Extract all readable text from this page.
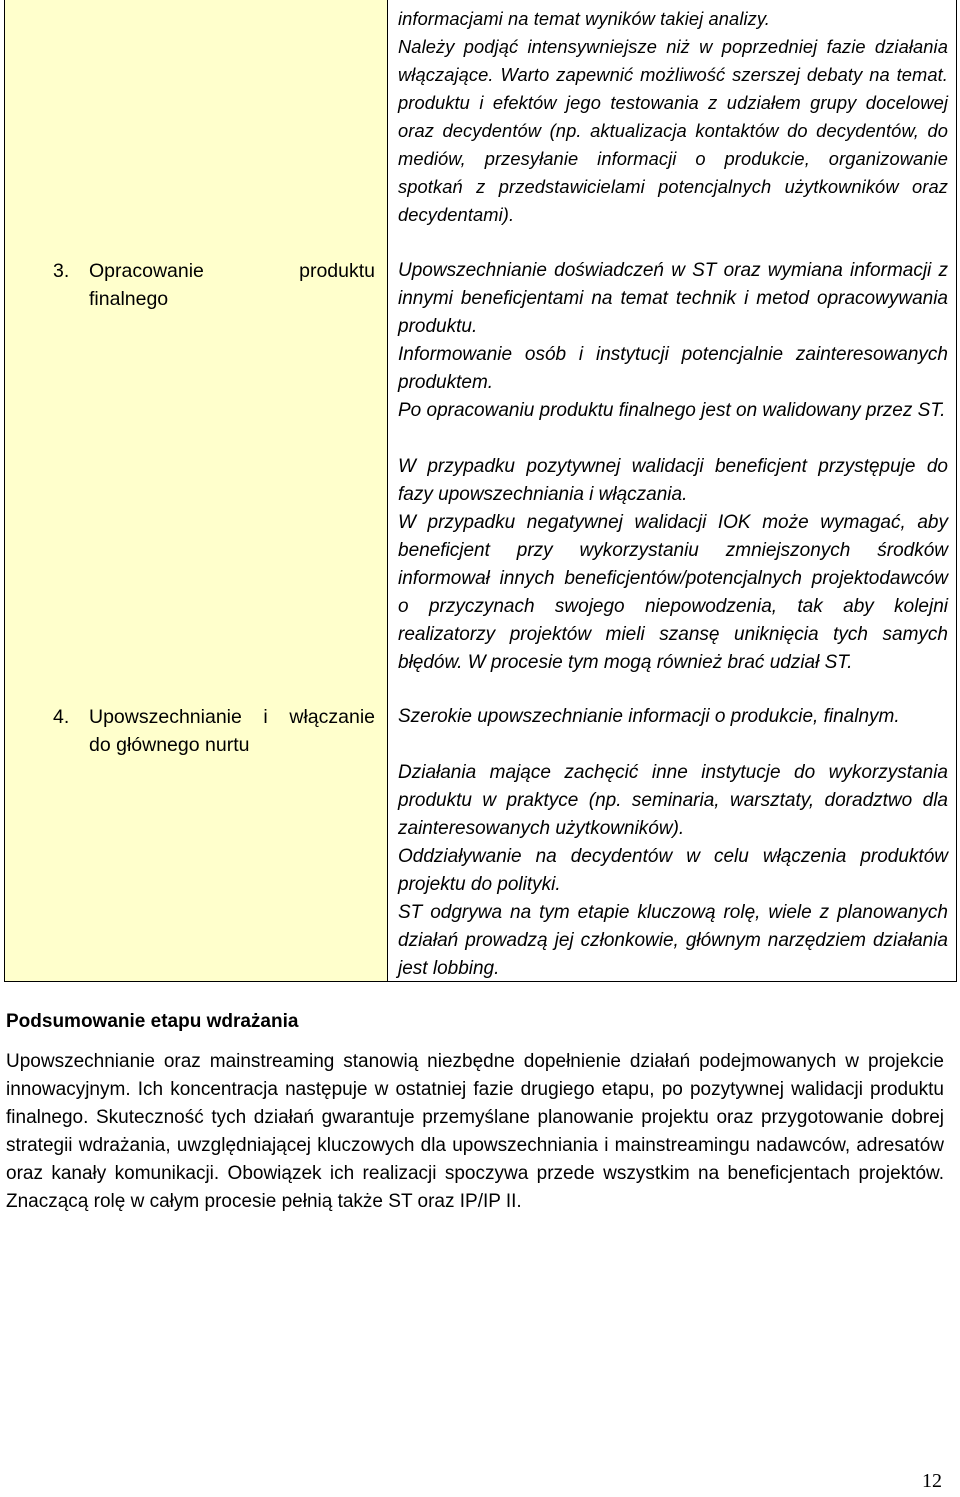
3. Opracowanie produktu
finalnego
4. Upowszechnianie i włączanie
do głównego nurtu
informacjami na temat wyników takiej analizy.
Należy podjąć intensywniejsze niż w poprzedniej fazie działania włączające. Warto zapewnić możliwość szerszej debaty na temat. produktu i efektów jego testowania z udziałem grupy docelowej oraz decydentów (np. aktualizacja kontaktów do decydentów, do mediów, przesyłanie informacji o produkcie, organizowanie spotkań z przedstawicielami potencjalnych użytkowników oraz decydentami).
Upowszechnianie doświadczeń w ST oraz wymiana informacji z innymi beneficjentami na temat technik i metod opracowywania produktu.
Informowanie osób i instytucji potencjalnie zainteresowanych produktem.
Po opracowaniu produktu finalnego jest on walidowany przez ST.
W przypadku pozytywnej walidacji beneficjent przystępuje do fazy upowszechniania i włączania.
W przypadku negatywnej walidacji IOK może wymagać, aby beneficjent przy wykorzystaniu zmniejszonych środków informował innych beneficjentów/potencjalnych projektodawców o przyczynach swojego niepowodzenia, tak aby kolejni realizatorzy projektów mieli szansę uniknięcia tych samych błędów. W procesie tym mogą również brać udział ST.
Szerokie upowszechnianie informacji o produkcie, finalnym.
Działania mające zachęcić inne instytucje do wykorzystania produktu w praktyce (np. seminaria, warsztaty, doradztwo dla zainteresowanych użytkowników).
Oddziaływanie na decydentów w celu włączenia produktów projektu do polityki.
ST odgrywa na tym etapie kluczową rolę, wiele z planowanych działań prowadzą jej członkowie, głównym narzędziem działania jest lobbing.
Podsumowanie etapu wdrażania
Upowszechnianie oraz mainstreaming stanowią niezbędne dopełnienie działań podejmowanych w projekcie innowacyjnym. Ich koncentracja następuje w ostatniej fazie drugiego etapu, po pozytywnej walidacji produktu finalnego. Skuteczność tych działań gwarantuje przemyślane planowanie projektu oraz przygotowanie dobrej strategii wdrażania, uwzględniającej kluczowych dla upowszechniania i mainstreamingu nadawców, adresatów oraz kanały komunikacji. Obowiązek ich realizacji spoczywa przede wszystkim na beneficjentach projektów. Znaczącą rolę w całym procesie pełnią także ST oraz IP/IP II.
12
